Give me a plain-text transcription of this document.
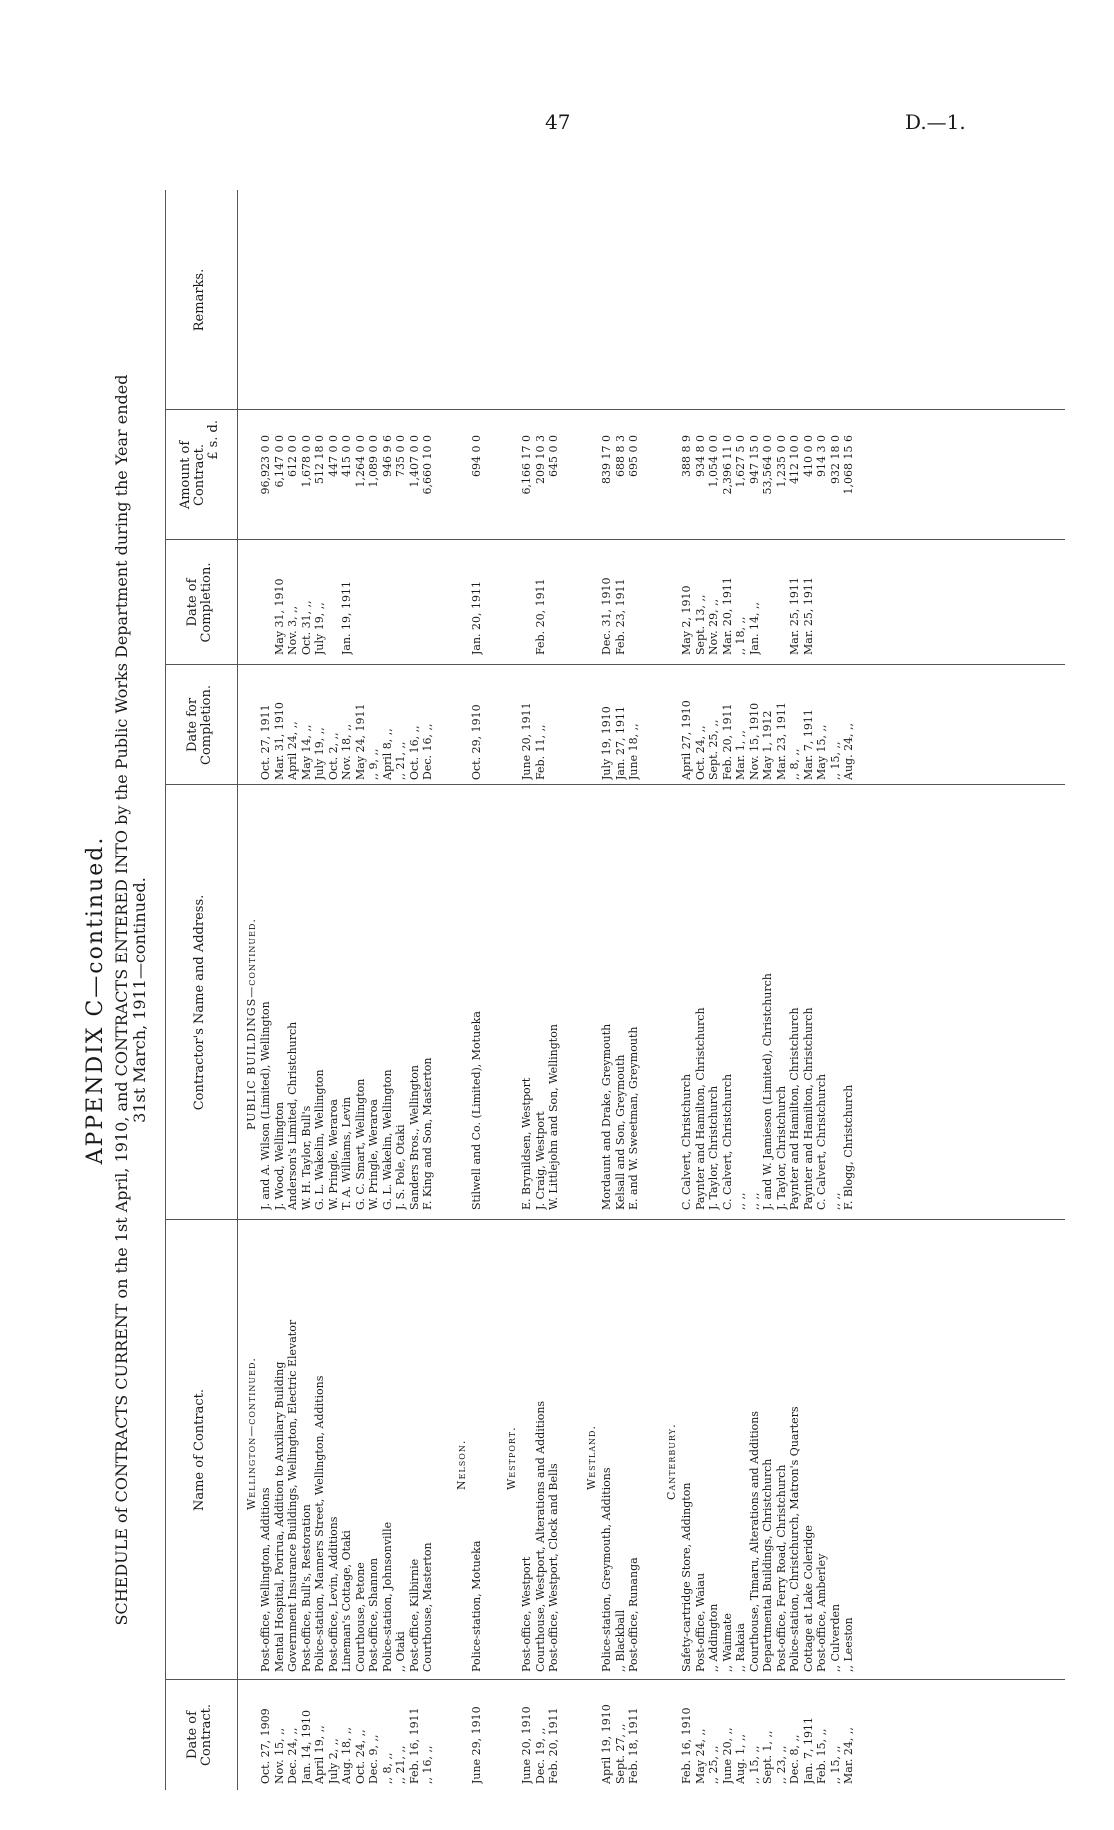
47	D.—1.
APPENDIX C—continued. SCHEDULE of CONTRACTS CURRENT on the 1st April, 1910, and CONTRACTS ENTERED INTO by the Public Works Department during the Year ended 31st March, 1911—continued.
Date of Contract.
Name of Contract.
Contractor's Name and Address.
Date for Completion.
Date of Completion.
Amount of Contract.
£ s. d.
Remarks.
Wellington—continued.
PUBLIC BUILDINGS—continued.
Oct. 27, 1909
Post-office, Wellington, Additions
J. and A. Wilson (Limited), Wellington
Oct. 27, 1911
96,923 0 0
Nov. 15, ,,
Mental Hospital, Porirua, Addition to Auxiliary Building
J. Wood, Wellington
Mar. 31, 1910
May 31, 1910
6,147 0 0
Dec. 24, ,,
Government Insurance Buildings, Wellington, Electric Elevator
Anderson's Limited, Christchurch
April 24, ,,
Nov. 3, ,,
612 0 0
Jan. 14, 1910
Post-office, Bull's, Restoration
W. H. Taylor, Bull's
May 14, ,,
Oct. 31, ,,
1,678 0 0
April 19, ,,
Police-station, Manners Street, Wellington, Additions
G. L. Wakelin, Wellington
July 19, ,,
July 19, ,,
512 18 0
July 2, ,,
Post-office, Levin, Additions
W. Pringle, Weraroa
Oct. 2, ,,
447 0 0
Aug. 18, ,,
Lineman's Cottage, Otaki
T. A. Williams, Levin
Nov. 18, ,,
Jan. 19, 1911
415 0 0
Oct. 24, ,,
Courthouse, Petone
G. C. Smart, Wellington
May 24, 1911
1,264 0 0
Dec. 9, ,,
Post-office, Shannon
W. Pringle, Weraroa
,, 9, ,,
1,089 0 0
,, 8, ,,
Police-station, Johnsonville
G. L. Wakelin, Wellington
April 8, ,,
946 9 6
,, 21, ,,
,, Otaki
J. S. Pole, Otaki
,, 21, ,,
735 0 0
Feb. 16, 1911
Post-office, Kilbirnie
Sanders Bros., Wellington
Oct. 16, ,,
1,407 0 0
,, 16, ,,
Courthouse, Masterton
F. King and Son, Masterton
Dec. 16, ,,
6,660 10 0
Nelson.
June 29, 1910
Police-station, Motueka
Stilwell and Co. (Limited), Motueka
Oct. 29, 1910
Jan. 20, 1911
694 0 0
Westport.
June 20, 1910
Post-office, Westport
E. Brynildsen, Westport
June 20, 1911
6,166 17 0
Dec. 19, ,,
Courthouse, Westport, Alterations and Additions
J. Craig, Westport
Feb. 11, ,,
Feb. 20, 1911
209 10 3
Feb. 20, 1911
Post-office, Westport, Clock and Bells
W. Littlejohn and Son, Wellington
645 0 0
Westland.
April 19, 1910
Police-station, Greymouth, Additions
Mordaunt and Drake, Greymouth
July 19, 1910
Dec. 31, 1910
839 17 0
Sept. 27, ,,
,, Blackball
Kelsall and Son, Greymouth
Jan. 27, 1911
Feb. 23, 1911
688 8 3
Feb. 18, 1911
Post-office, Runanga
E. and W. Sweetman, Greymouth
June 18, ,,
695 0 0
Canterbury.
Feb. 16, 1910
Safety-cartridge Store, Addington
C. Calvert, Christchurch
April 27, 1910
May 2, 1910
388 8 9
May 24, ,,
Post-office, Waiau
Paynter and Hamilton, Christchurch
Oct. 24, ,,
Sept. 13, ,,
934 8 0
,, 25, ,,
,, Addington
J. Taylor, Christchurch
Sept. 25, ,,
Nov. 29, ,,
1,054 0 0
June 20, ,,
,, Waimate
C. Calvert, Christchurch
Feb. 20, 1911
Mar. 20, 1911
2,396 11 0
Aug. 1, ,,
,, Rakaia
,, ,,
Mar. 1, ,,
,, 18, ,,
1,627 5 0
,, 15, ,,
Courthouse, Timaru, Alterations and Additions
,, ,,
Nov. 15, 1910
Jan. 14, ,,
947 15 0
Sept. 1, ,,
Departmental Buildings, Christchurch
J. and W. Jamieson (Limited), Christchurch
May 1, 1912
53,564 0 0
,, 23, ,,
Post-office, Ferry Road, Christchurch
J. Taylor, Christchurch
Mar. 23, 1911
1,235 0 0
Dec. 8, ,,
Police-station, Christchurch, Matron's Quarters
Paynter and Hamilton, Christchurch
,, 8, ,,
Mar. 25, 1911
412 10 0
Jan. 7, 1911
Cottage at Lake Coleridge
Paynter and Hamilton, Christchurch
Mar. 7, 1911
Mar. 25, 1911
410 0 0
Feb. 15, ,,
Post-office, Amberley
C. Calvert, Christchurch
May 15, ,,
914 3 0
,, 15, ,,
,, Culverden
,, ,,
,, 15, ,,
932 18 0
Mar. 24, ,,
,, Leeston
F. Blogg, Christchurch
Aug. 24, ,,
1,068 15 6
